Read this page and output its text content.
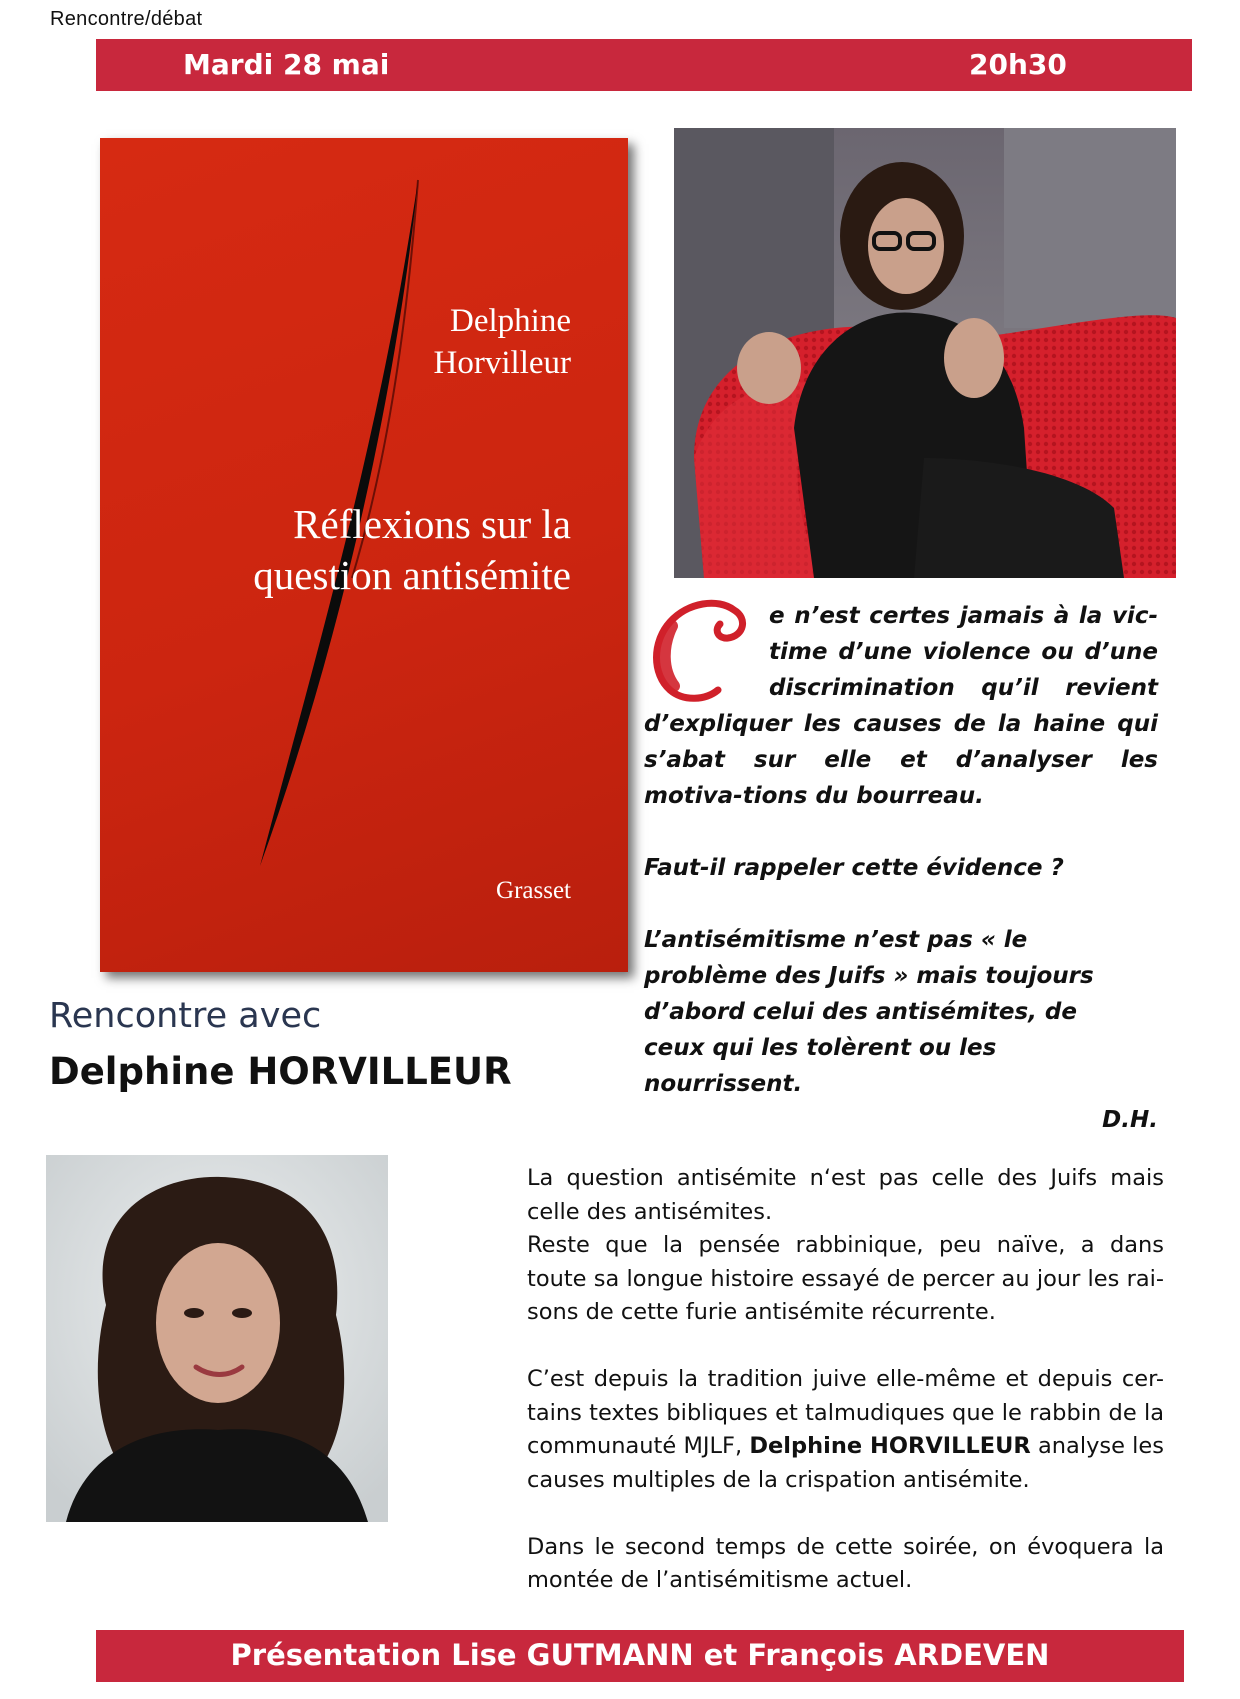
Rencontre/débat
Mardi 28 mai	20h30
Delphine
Horvilleur
Réflexions sur la
question antisémite
Grasset
e n’est certes jamais à la vic-
time d’une violence ou d’une
discrimination qu’il revient

d’expliquer les causes de la haine qui s’abat sur elle et d’analyser les motiva-tions du bourreau.

Faut-il rappeler cette évidence ?

L’antisémitisme n’est pas « le problème des Juifs » mais toujours d’abord celui des antisémites, de ceux qui les tolèrent ou les nourrissent.

D.H.

Rencontre avec
Delphine HORVILLEUR

La question antisémite n‘est pas celle des Juifs mais celle des antisémites.

Reste que la pensée rabbinique, peu naïve, a dans toute sa longue histoire essayé de percer au jour les rai-sons de cette furie antisémite récurrente.

C’est depuis la tradition juive elle-même et depuis cer-tains textes bibliques et talmudiques que le rabbin de la communauté MJLF, Delphine HORVILLEUR analyse les causes multiples de la crispation antisémite.

Dans le second temps de cette soirée, on évoquera la montée de l’antisémitisme actuel.

Présentation Lise GUTMANN et François ARDEVEN
